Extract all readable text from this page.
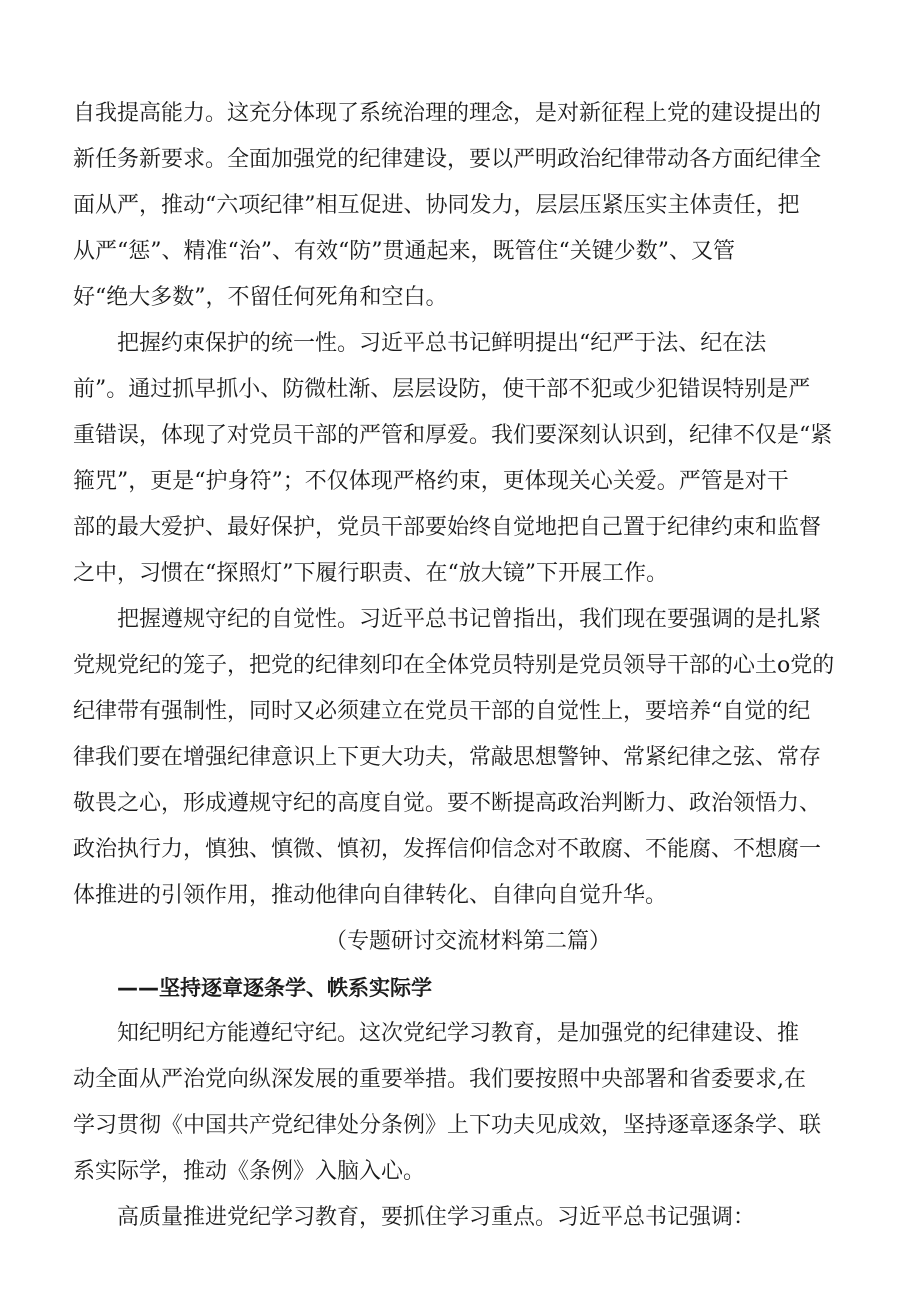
自我提高能力。这充分体现了系统治理的理念，是对新征程上党的建设提出的
新任务新要求。全面加强党的纪律建设，要以严明政治纪律带动各方面纪律全
面从严，推动“六项纪律”相互促进、协同发力，层层压紧压实主体责任，把
从严“惩”、精准“治”、有效“防”贯通起来，既管住“关键少数”、又管
好“绝大多数”，不留任何死角和空白。
把握约束保护的统一性。习近平总书记鲜明提出“纪严于法、纪在法
前”。通过抓早抓小、防微杜渐、层层设防，使干部不犯或少犯错误特别是严
重错误，体现了对党员干部的严管和厚爱。我们要深刻认识到，纪律不仅是“紧
箍咒”，更是“护身符”；不仅体现严格约束，更体现关心关爱。严管是对干
部的最大爱护、最好保护，党员干部要始终自觉地把自己置于纪律约束和监督
之中，习惯在“探照灯”下履行职责、在“放大镜”下开展工作。
把握遵规守纪的自觉性。习近平总书记曾指出，我们现在要强调的是扎紧
党规党纪的笼子，把党的纪律刻印在全体党员特别是党员领导干部的心土o党的
纪律带有强制性，同时又必须建立在党员干部的自觉性上，要培养“自觉的纪
律我们要在增强纪律意识上下更大功夫，常敲思想警钟、常紧纪律之弦、常存
敬畏之心，形成遵规守纪的高度自觉。要不断提高政治判断力、政治领悟力、
政治执行力，慎独、慎微、慎初，发挥信仰信念对不敢腐、不能腐、不想腐一
体推进的引领作用，推动他律向自律转化、自律向自觉升华。
（专题研讨交流材料第二篇）
——坚持逐章逐条学、帙系实际学
知纪明纪方能遵纪守纪。这次党纪学习教育，是加强党的纪律建设、推
动全面从严治党向纵深发展的重要举措。我们要按照中央部署和省委要求,在
学习贯彻《中国共产党纪律处分条例》上下功夫见成效，坚持逐章逐条学、联
系实际学，推动《条例》入脑入心。
高质量推进党纪学习教育，要抓住学习重点。习近平总书记强调：
